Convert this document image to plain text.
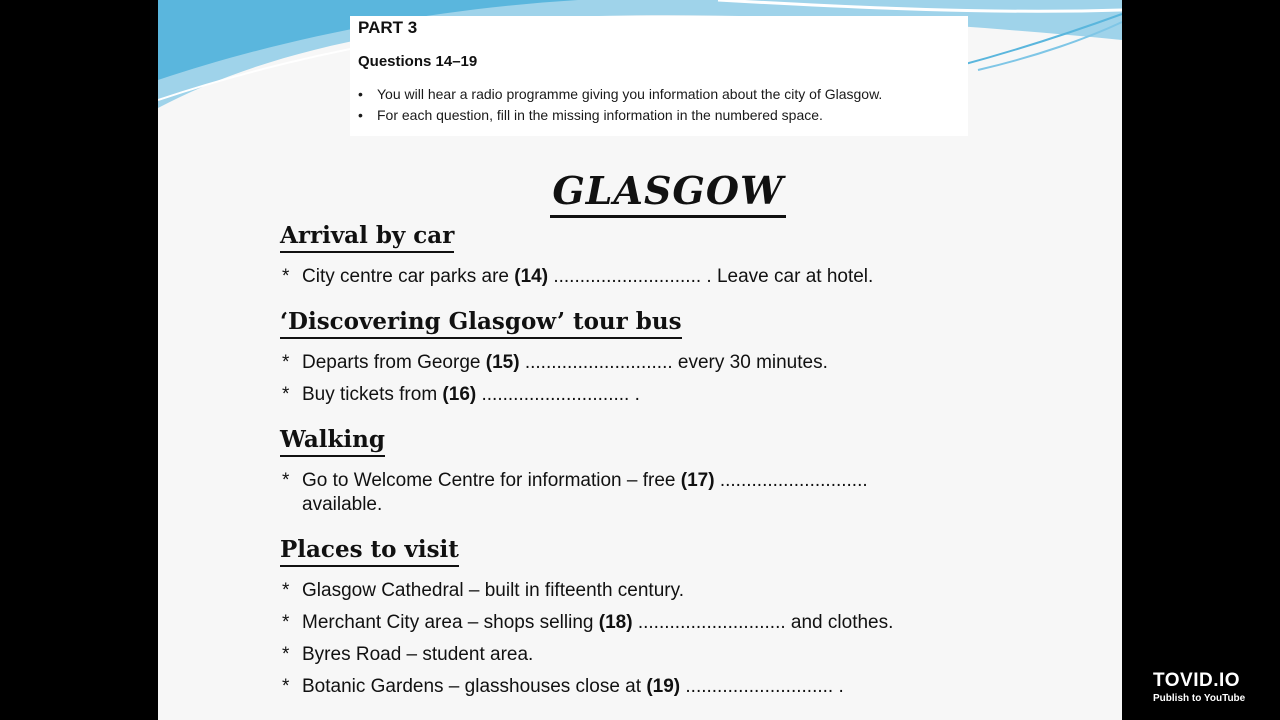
PART 3
Questions 14–19
• You will hear a radio programme giving you information about the city of Glasgow.
• For each question, fill in the missing information in the numbered space.
GLASGOW
Arrival by car
* City centre car parks are (14) ............................ . Leave car at hotel.
‘Discovering Glasgow’ tour bus
* Departs from George (15) ............................ every 30 minutes.
* Buy tickets from (16) ............................ .
Walking
* Go to Welcome Centre for information – free (17) ............................
available.
Places to visit
* Glasgow Cathedral – built in fifteenth century.
* Merchant City area – shops selling (18) ............................ and clothes.
* Byres Road – student area.
* Botanic Gardens – glasshouses close at (19) ............................ .	TOVID.IO
Publish to YouTube
